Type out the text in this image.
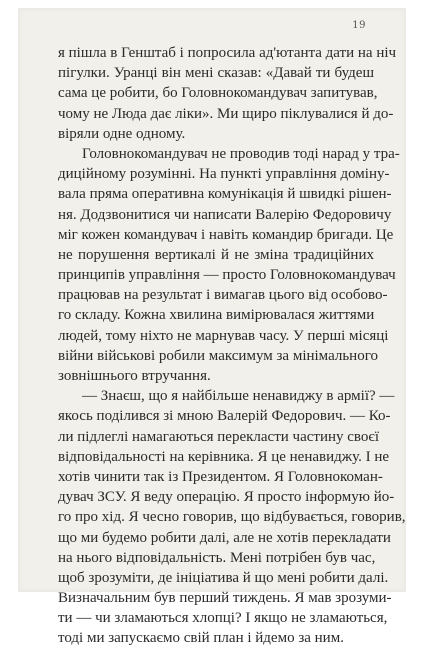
19
я пішла в Генштаб і попросила ад'ютанта дати на ніч
пігулки. Уранці він мені сказав: «Давай ти будеш
сама це робити, бо Головнокомандувач запитував,
чому не Люда дає ліки». Ми щиро піклувалися й до-
віряли одне одному.
Головнокомандувач не проводив тоді нарад у тра-
диційному розумінні. На пункті управління доміну-
вала пряма оперативна комунікація й швидкі рішен-
ня. Додзвонитися чи написати Валерію Федоровичу
міг кожен командувач і навіть командир бригади. Це
не порушення вертикалі й не зміна традиційних
принципів управління — просто Головнокомандувач
працював на результат і вимагав цього від особово-
го складу. Кожна хвилина вимірювалася життями
людей, тому ніхто не марнував часу. У перші місяці
війни військові робили максимум за мінімального
зовнішнього втручання.
— Знаєш, що я найбільше ненавиджу в армії? —
якось поділився зі мною Валерій Федорович. — Ко-
ли підлеглі намагаються перекласти частину своєї
відповідальності на керівника. Я це ненавиджу. І не
хотів чинити так із Президентом. Я Головнокоман-
дувач ЗСУ. Я веду операцію. Я просто інформую йо-
го про хід. Я чесно говорив, що відбувається, говорив,
що ми будемо робити далі, але не хотів перекладати
на нього відповідальність. Мені потрібен був час,
щоб зрозуміти, де ініціатива й що мені робити далі.
Визначальним був перший тиждень. Я мав зрозуми-
ти — чи зламаються хлопці? І якщо не зламаються,
тоді ми запускаємо свій план і йдемо за ним.
